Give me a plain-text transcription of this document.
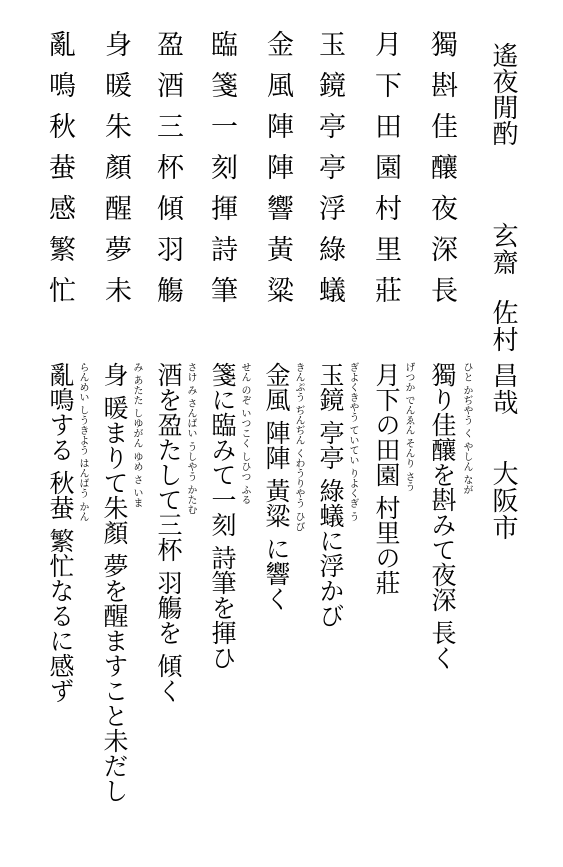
遙夜閒酌
玄齋 佐村 昌哉 大阪市
獨斟佳釀夜深長
月下田園村里莊
玉鏡亭亭浮綠蟻
金風陣陣響黃粱
臨箋一刻揮詩筆
盈酒三杯傾羽觴
身暖朱顏醒夢未
亂鳴秋蛬感繁忙
ひと かぢやう く やしん なが
げつか でんゑん そんり さう
ぎよくきやう ていてい りよくぎ う
きんぷう ぢんぢん くわうりやう ひび
せん のぞ いつこく しひつ ふる
さけ み さんばい うしやう かたむ
み あたた しゆがん ゆめ さ いま
らんめい しうきよう はんばう かん	獨り佳釀を斟みて夜深 長く
月下の田園 村里の莊
玉鏡 亭亭 綠蟻に浮かび
金風 陣陣 黃粱 に響く
箋に臨みて一刻 詩筆を揮ひ
酒を盈たして三杯 羽觴を 傾く
身 暖まりて朱顏 夢を醒ますこと未だし
亂鳴する 秋蛬 繁忙なるに感ず
